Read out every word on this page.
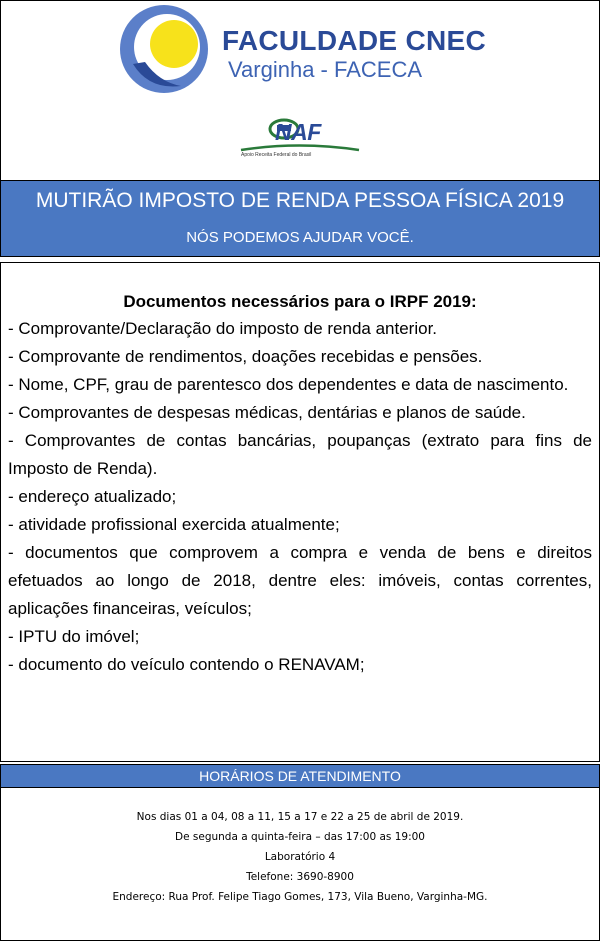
FACULDADE CNEC
Varginha - FACECA
NAF
Apoio Receita Federal do Brasil
MUTIRÃO IMPOSTO DE RENDA PESSOA FÍSICA 2019
NÓS PODEMOS AJUDAR VOCÊ.
Documentos necessários para o IRPF 2019:
- Comprovante/Declaração do imposto de renda anterior.
- Comprovante de rendimentos, doações recebidas e pensões.
- Nome, CPF, grau de parentesco dos dependentes e data de nascimento.
- Comprovantes de despesas médicas, dentárias e planos de saúde.
- Comprovantes de contas bancárias, poupanças (extrato para fins de Imposto de Renda).
- endereço atualizado;
- atividade profissional exercida atualmente;
- documentos que comprovem a compra e venda de bens e direitos efetuados ao longo de 2018, dentre eles: imóveis, contas correntes, aplicações financeiras, veículos;
- IPTU do imóvel;
- documento do veículo contendo o RENAVAM;
HORÁRIOS DE ATENDIMENTO
Nos dias 01 a 04, 08 a 11, 15 a 17 e 22 a 25 de abril de 2019.
De segunda a quinta-feira – das 17:00 as 19:00
Laboratório 4
Telefone: 3690-8900
Endereço: Rua Prof. Felipe Tiago Gomes, 173, Vila Bueno, Varginha-MG.
